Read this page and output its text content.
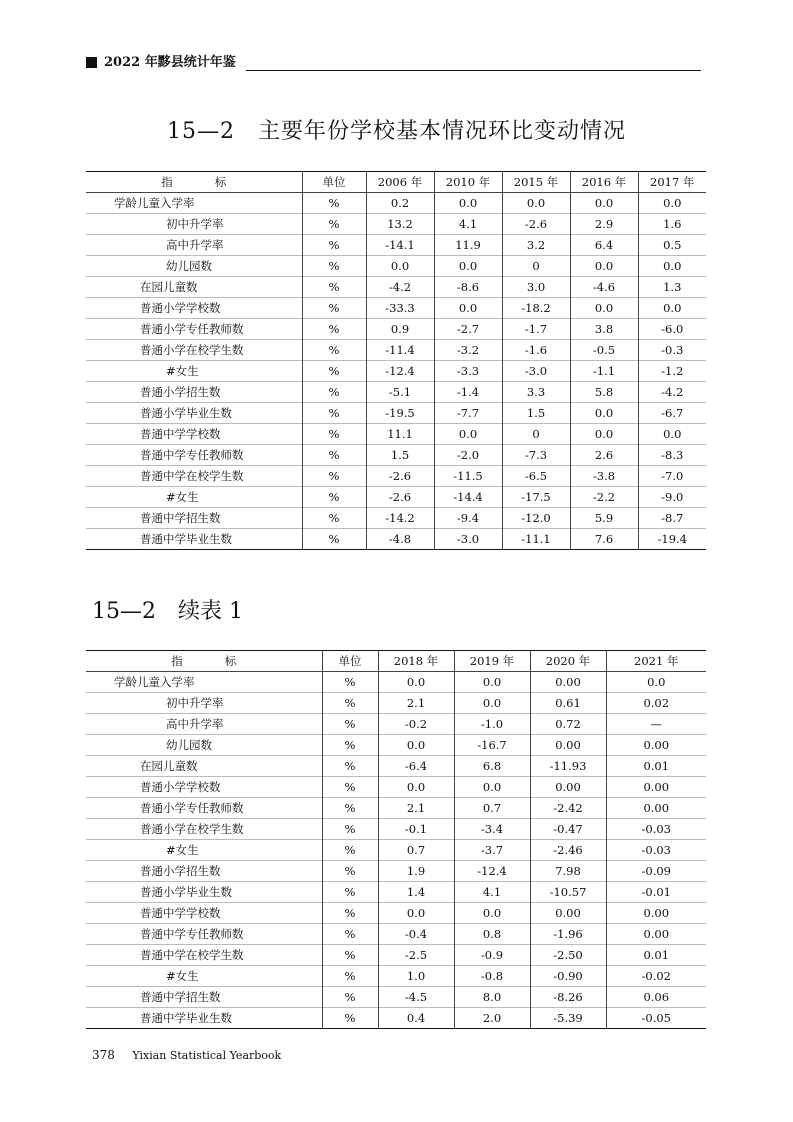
2022 年黟县统计年鉴
15—2　主要年份学校基本情况环比变动情况
指 标	单位	2006 年	2010 年	2015 年	2016 年	2017 年
学龄儿童入学率	%	0.2	0.0	0.0	0.0	0.0
初中升学率	%	13.2	4.1	-2.6	2.9	1.6
高中升学率	%	-14.1	11.9	3.2	6.4	0.5
幼儿园数	%	0.0	0.0	0	0.0	0.0
在园儿童数	%	-4.2	-8.6	3.0	-4.6	1.3
普通小学学校数	%	-33.3	0.0	-18.2	0.0	0.0
普通小学专任教师数	%	0.9	-2.7	-1.7	3.8	-6.0
普通小学在校学生数	%	-11.4	-3.2	-1.6	-0.5	-0.3
#女生	%	-12.4	-3.3	-3.0	-1.1	-1.2
普通小学招生数	%	-5.1	-1.4	3.3	5.8	-4.2
普通小学毕业生数	%	-19.5	-7.7	1.5	0.0	-6.7
普通中学学校数	%	11.1	0.0	0	0.0	0.0
普通中学专任教师数	%	1.5	-2.0	-7.3	2.6	-8.3
普通中学在校学生数	%	-2.6	-11.5	-6.5	-3.8	-7.0
#女生	%	-2.6	-14.4	-17.5	-2.2	-9.0
普通中学招生数	%	-14.2	-9.4	-12.0	5.9	-8.7
普通中学毕业生数	%	-4.8	-3.0	-11.1	7.6	-19.4
15—2　续表 1
指 标	单位	2018 年	2019 年	2020 年	2021 年
学龄儿童入学率	%	0.0	0.0	0.00	0.0
初中升学率	%	2.1	0.0	0.61	0.02
高中升学率	%	-0.2	-1.0	0.72	—
幼儿园数	%	0.0	-16.7	0.00	0.00
在园儿童数	%	-6.4	6.8	-11.93	0.01
普通小学学校数	%	0.0	0.0	0.00	0.00
普通小学专任教师数	%	2.1	0.7	-2.42	0.00
普通小学在校学生数	%	-0.1	-3.4	-0.47	-0.03
#女生	%	0.7	-3.7	-2.46	-0.03
普通小学招生数	%	1.9	-12.4	7.98	-0.09
普通小学毕业生数	%	1.4	4.1	-10.57	-0.01
普通中学学校数	%	0.0	0.0	0.00	0.00
普通中学专任教师数	%	-0.4	0.8	-1.96	0.00
普通中学在校学生数	%	-2.5	-0.9	-2.50	0.01
#女生	%	1.0	-0.8	-0.90	-0.02
普通中学招生数	%	-4.5	8.0	-8.26	0.06
普通中学毕业生数	%	0.4	2.0	-5.39	-0.05
378 Yixian Statistical Yearbook
